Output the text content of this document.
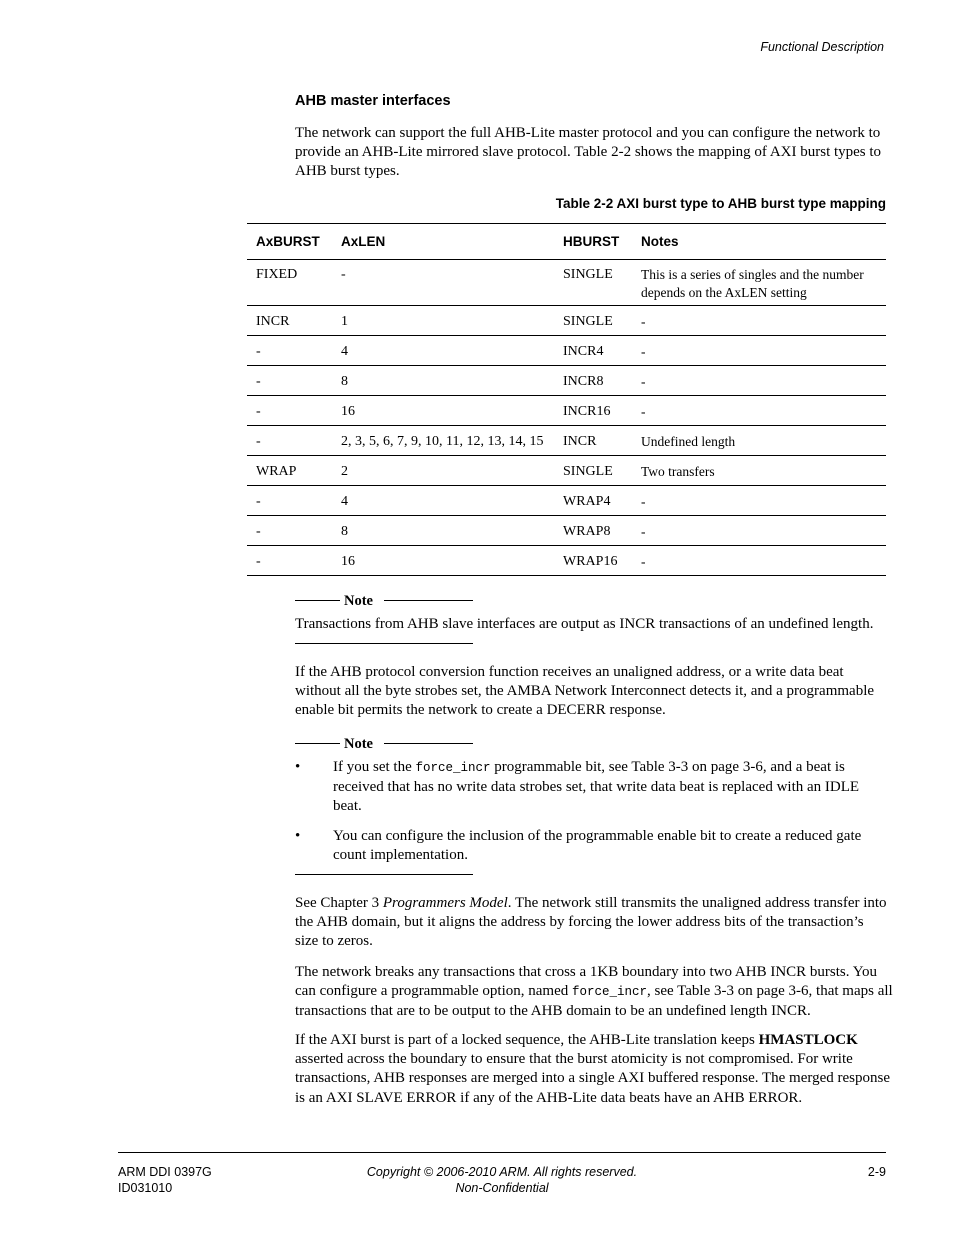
Functional Description
AHB master interfaces
The network can support the full AHB-Lite master protocol and you can configure the network to provide an AHB-Lite mirrored slave protocol. Table 2-2 shows the mapping of AXI burst types to AHB burst types.
Table 2-2 AXI burst type to AHB burst type mapping
AxBURST	AxLEN	HBURST	Notes
FIXED	-	SINGLE	This is a series of singles and the number depends on the AxLEN setting
INCR	1	SINGLE	-
-	4	INCR4	-
-	8	INCR8	-
-	16	INCR16	-
-	2, 3, 5, 6, 7, 9, 10, 11, 12, 13, 14, 15	INCR	Undefined length
WRAP	2	SINGLE	Two transfers
-	4	WRAP4	-
-	8	WRAP8	-
-	16	WRAP16	-
Note
Transactions from AHB slave interfaces are output as INCR transactions of an undefined length.
If the AHB protocol conversion function receives an unaligned address, or a write data beat without all the byte strobes set, the AMBA Network Interconnect detects it, and a programmable enable bit permits the network to create a DECERR response.
Note
• If you set the force_incr programmable bit, see Table 3-3 on page 3-6, and a beat is received that has no write data strobes set, that write data beat is replaced with an IDLE beat.
• You can configure the inclusion of the programmable enable bit to create a reduced gate count implementation.
See Chapter 3 Programmers Model. The network still transmits the unaligned address transfer into the AHB domain, but it aligns the address by forcing the lower address bits of the transaction’s size to zeros.
The network breaks any transactions that cross a 1KB boundary into two AHB INCR bursts. You can configure a programmable option, named force_incr, see Table 3-3 on page 3-6, that maps all transactions that are to be output to the AHB domain to be an undefined length INCR.
If the AXI burst is part of a locked sequence, the AHB-Lite translation keeps HMASTLOCK asserted across the boundary to ensure that the burst atomicity is not compromised. For write transactions, AHB responses are merged into a single AXI buffered response. The merged response is an AXI SLAVE ERROR if any of the AHB-Lite data beats have an AHB ERROR.
ARM DDI 0397G
ID031010
Copyright © 2006-2010 ARM. All rights reserved.
Non-Confidential
2-9
